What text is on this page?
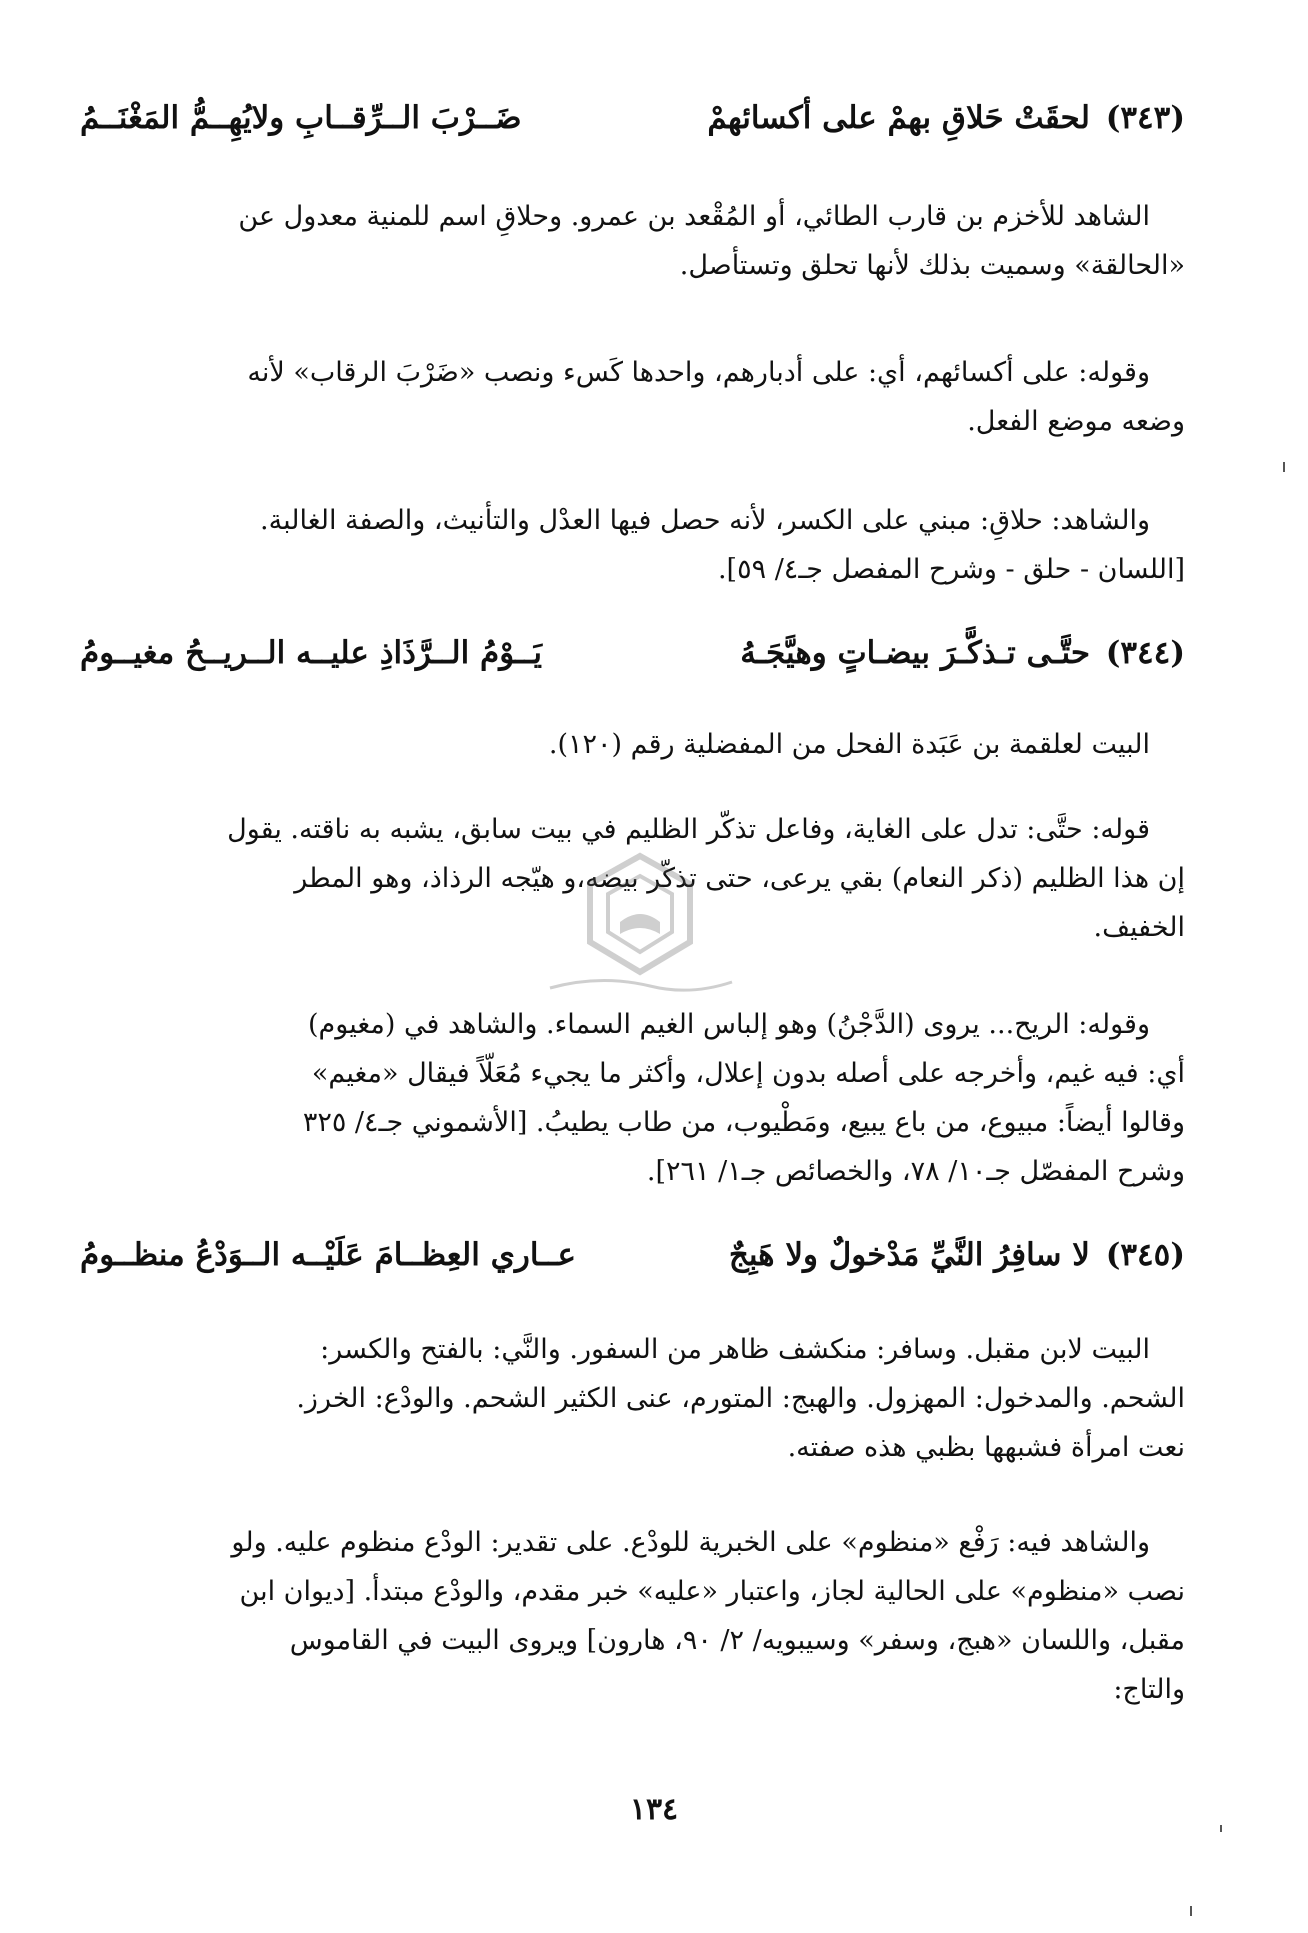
(٣٤٣)
لحقَتْ حَلاقِ بهمْ على أكسائهمْ
ضَــرْبَ الــرِّقــابِ ولايُهِــمُّ المَغْنَــمُ
الشاهد للأخزم بن قارب الطائي، أو المُقْعد بن عمرو. وحلاقِ اسم للمنية معدول عن
«الحالقة» وسميت بذلك لأنها تحلق وتستأصل.
وقوله: على أكسائهم، أي: على أدبارهم، واحدها كَسء ونصب «ضَرْبَ الرقاب» لأنه
وضعه موضع الفعل.
والشاهد: حلاقِ: مبني على الكسر، لأنه حصل فيها العدْل والتأنيث، والصفة الغالبة.
[اللسان - حلق - وشرح المفصل جـ٤/ ٥٩].
(٣٤٤)
حتَّـى تـذكَّـرَ بيضـاتٍ وهيَّجَـهُ
يَــوْمُ الــرَّذَاذِ عليــه الــريــحُ مغيــومُ
البيت لعلقمة بن عَبَدة الفحل من المفضلية رقم (١٢٠).
قوله: حتَّى: تدل على الغاية، وفاعل تذكّر الظليم في بيت سابق، يشبه به ناقته. يقول
إن هذا الظليم (ذكر النعام) بقي يرعى، حتى تذكّر بيضه،و هيّجه الرذاذ، وهو المطر
الخفيف.
وقوله: الريح... يروى (الدَّجْنُ) وهو إلباس الغيم السماء. والشاهد في (مغيوم)
أي: فيه غيم، وأخرجه على أصله بدون إعلال، وأكثر ما يجيء مُعَلّاً فيقال «مغيم»
وقالوا أيضاً: مبيوع، من باع يبيع، ومَطْيوب، من طاب يطيبُ. [الأشموني جـ٤/ ٣٢٥
وشرح المفصّل جـ١٠/ ٧٨، والخصائص جـ١/ ٢٦١].
(٣٤٥)
لا سافِرُ النَّيِّ مَدْخولٌ ولا هَبِجٌ
عــاري العِظــامَ عَلَيْــه الــوَدْعُ منظــومُ
البيت لابن مقبل. وسافر: منكشف ظاهر من السفور. والنَّي: بالفتح والكسر:
الشحم. والمدخول: المهزول. والهبج: المتورم، عنى الكثير الشحم. والودْع: الخرز.
نعت امرأة فشبهها بظبي هذه صفته.
والشاهد فيه: رَفْع «منظوم» على الخبرية للودْع. على تقدير: الودْع منظوم عليه. ولو
نصب «منظوم» على الحالية لجاز، واعتبار «عليه» خبر مقدم، والودْع مبتدأ. [ديوان ابن
مقبل، واللسان «هبج، وسفر» وسيبويه/ ٢/ ٩٠، هارون] ويروى البيت في القاموس
والتاج:
١٣٤
